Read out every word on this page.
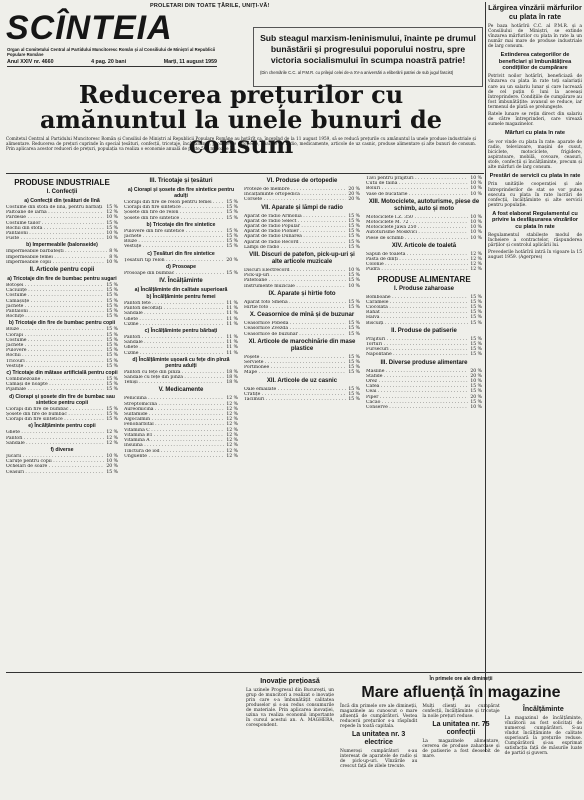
PROLETARI DIN TOATE ȚĂRILE, UNIȚI-VĂ!
SCÎNTEIA
Organ al Comitetului Central al Partidului Muncitoresc Român și al Consiliului de Miniștri al Republicii Populare Române
Anul XXIV nr. 4660	4 pag. 20 bani	Marți, 11 august 1959
Sub steagul marxism-leninismului, înainte pe drumul bunăstării și progresului poporului nostru, spre victoria socialismului în scumpa noastră patrie!
(Din chemările C.C. al P.M.R. cu prilejul celei de-a XV-a aniversări a eliberării patriei de sub jugul fascist)
Reducerea prețurilor cu amănuntul la unele bunuri de consum
Comitetul Central al Partidului Muncitoresc Român și Consiliul de Miniștri al Republicii Populare Române au hotărît ca, începînd de la 11 august 1959, să se reducă prețurile cu amănuntul la unele produse industriale și alimentare. Reducerea de prețuri cuprinde în special țesături, confecții, tricotaje, încălțăminte, produse de ortopedie, aparate de radio, medicamente, articole de uz casnic, produse alimentare și alte bunuri de consum. Prin aplicarea acestor reduceri de prețuri, populația va realiza o economie anuală de peste 500 milioane lei.
PRODUSE INDUSTRIALE
I. Confecții
a) Confecții din țesături de lînă
Costume din stofă de lînă, pentru bărbați . . . 15 %
Paltoane de iarnă . . .	12 %
Pardesie . . .	10 %
Costume tailor . . .	15 %
Rochii din stofă . . .	15 %
Pantaloni . . .	10 %
Fuste . . .	10 %
b) Impermeabile (balonseide)
Impermeabile bărbătești . . .	8 %
Impermeabile femei . . .	8 %
Impermeabile copii . . .	10 %
II. Articole pentru copii
a) Tricotaje din fire de bumbac pentru sugari
Botoșei . . .	15 %
Căciulițe . . .	15 %
Costume . . .	15 %
Cămășuțe . . .	15 %
Jachete . . .	15 %
Pantaloni . . .	15 %
Rochițe . . .	15 %
b) Tricotaje din fire de bumbac pentru copii
Bluze . . .	15 %
Ciorapi . . .	15 %
Costume . . .	15 %
Jachete . . .	15 %
Pulovere . . .	15 %
Rochii . . .	15 %
Tricouri . . .	15 %
Vestuțe . . .	15 %
c) Tricotaje din mătase artificială pentru copii
Combinezoane . . .	15 %
Cămăși de noapte . . .	15 %
Pijamale . . .	15 %
d) Ciorapi și șosete din fire de bumbac sau sintetice pentru copii
Ciorapi din fire de bumbac . . .	15 %
Șosete din fire de bumbac . . .	15 %
Ciorapi din fire sintetice . . .	15 %
e) Încălțăminte pentru copii
Ghete . . .	12 %
Pantofi . . .	12 %
Sandale . . .	12 %
f) diverse
Jucării . . .	10 %
Căruțe pentru copii . . .	10 %
Ochelari de soare . . .	20 %
Ceasuri . . .	15 %
III. Tricotaje și țesături
a) Ciorapi și șosete din fire sintetice pentru adulți
Ciorapi din fire de relon pentru femei . . .	15 %
Ciorapi din fire sintetice . . .	15 %
Șosete din fire de relon . . .	15 %
Șosete din fire sintetice . . .	15 %
b) Tricotaje din fire sintetice
Pulovere din fire sintetice . . .	15 %
Jachete . . .	15 %
Bluze . . .	15 %
Vestuțe . . .	15 %
c) Țesături din fire sintetice
Țesături tip relon . . .	20 %
d) Prosoape
Prosoape din bumbac . . .	15 %
IV. Încălțăminte
a) Încălțăminte din calitate superioară
b) Încălțăminte pentru femei
Pantofi fete . . .	11 %
Pantofi decoltați . . .	11 %
Sandale . . .	11 %
Ghete . . .	11 %
Cizme . . .	11 %
c) Încălțăminte pentru bărbați
Pantofi . . .	11 %
Sandale . . .	11 %
Ghete . . .	11 %
Cizme . . .	11 %
d) Încălțăminte ușoară cu fețe din pînză pentru adulți
Pantofi cu fețe din pînză . . .	18 %
Sandale cu fețe din pînză . . .	18 %
Teniși . . .	18 %
V. Medicamente
Penicilină . . .	12 %
Streptomicină . . .	12 %
Aureomicină . . .	12 %
Sulfamide . . .	12 %
Algocalmin . . .	12 %
Fenobarbital . . .	12 %
Vitamina C . . .	12 %
Vitamina B1 . . .	12 %
Vitamina A . . .	12 %
Insulină . . .	12 %
Tinctură de iod . . .	12 %
Unguente . . .	12 %
VI. Produse de ortopedie
Proteze de membre . . .	20 %
Încălțăminte ortopedică . . .	20 %
Corsete . . .	20 %
VII. Aparate și lămpi de radio
Aparat de radio Armonia . . .	15 %
Aparat de radio Select . . .	15 %
Aparat de radio Popular . . .	15 %
Aparat de radio Pionier . . .	15 %
Aparat de radio Dunărea . . .	15 %
Aparat de radio Record . . .	15 %
Lămpi de radio . . .	15 %
VIII. Discuri de patefon, pick-up-uri și alte articole muzicale
Discuri Electrecord . . .	10 %
Pick-up-uri . . .	15 %
Patefoane . . .	15 %
Instrumente muzicale . . .	10 %
IX. Aparate și hîrtie foto
Aparat foto Smena . . .	15 %
Hîrtie foto . . .	15 %
X. Ceasornice de mînă și de buzunar
Ceasornice Pobeda . . .	15 %
Ceasornice Zvezda . . .	15 %
Ceasornice de buzunar . . .	15 %
XI. Articole de marochinărie din mase plastice
Poșete . . .	15 %
Serviete . . .	15 %
Portmonee . . .	15 %
Mape . . .	15 %
XII. Articole de uz casnic
Oale emailate . . .	15 %
Cratițe . . .	15 %
Tacîmuri . . .	15 %
Tăvi pentru prăjituri . . .	10 %
Cutii de făină . . .	10 %
Boluri . . .	10 %
Vase de bucătărie . . .	10 %
XIII. Motociclete, autoturisme, piese de schimb, auto și moto
Motociclete I.Z. 350 . . .	10 %
Motociclete M. 72 . . .	10 %
Motociclete Jawa 250 . . .	10 %
Autoturisme Moskvici . . .	10 %
Piese de schimb . . .	10 %
XIV. Articole de toaletă
Săpun de toaletă . . .	12 %
Pastă de dinți . . .	12 %
Colonie . . .	12 %
Pudră . . .	12 %
PRODUSE ALIMENTARE
I. Produse zaharoase
Bomboane . . .	15 %
Caramele . . .	15 %
Ciocolată . . .	15 %
Rahat . . .	15 %
Halva . . .	15 %
Biscuiți . . .	15 %
II. Produse de patiserie
Prăjituri . . .	15 %
Torturi . . .	15 %
Fursecuri . . .	15 %
Napolitane . . .	15 %
III. Diverse produse alimentare
Măsline . . .	20 %
Stafide . . .	20 %
Orez . . .	10 %
Cafea . . .	15 %
Ceai . . .	15 %
Piper . . .	20 %
Cacao . . .	15 %
Conserve . . .	10 %
Lărgirea vînzării mărfurilor cu plata în rate

Pe baza hotărîrii C.C. al P.M.R. și a Consiliului de Miniștri, se extinde vînzarea mărfurilor cu plata în rate la un număr mai mare de produse industriale de larg consum.

Extinderea categoriilor de beneficiari și îmbunătățirea condițiilor de cumpărare

Potrivit noilor hotărîri, beneficiază de vînzarea cu plata în rate toți salariații care au un salariu lunar și care lucrează de cel puțin 6 luni la aceeași întreprindere. Condițiile de cumpărare au fost îmbunătățite: avansul se reduce, iar termenul de plată se prelungește.

Ratele lunare se rețin direct din salariu de către întreprinderi, care virează sumele magazinelor.

Mărfuri cu plata în rate

Se vor vinde cu plata în rate: aparate de radio, televizoare, mașini de cusut, biciclete, motociclete, frigidere, aspiratoare, mobilă, covoare, ceasuri, stofe, confecții și încălțăminte, precum și alte mărfuri de larg consum.

Prestări de servicii cu plata în rate

Prin unitățile cooperației și ale întreprinderilor de stat se vor putea executa cu plata în rate lucrări de confecții, încălțăminte și alte servicii pentru populație.

A fost elaborat Regulamentul cu privire la desfășurarea vînzărilor cu plata în rate

Regulamentul stabilește modul de încheiere a contractelor, răspunderea părților și controlul aplicării lui.

Prevederile hotărîrii intră în vigoare la 15 august 1959. (Agerpres)

Inovație prețioasă

La uzinele Progresul din București, un grup de muncitori a realizat o inovație prin care s-a îmbunătățit calitatea produselor și s-au redus consumurile de materiale. Prin aplicarea inovației, uzina va realiza economii importante în cursul acestui an. A. MAGHERA, corespondent.

În primele ore ale dimineții
Mare afluență în magazine

Încă din primele ore ale dimineții, magazinele au cunoscut o mare afluență de cumpărători. Vestea reducerii prețurilor s-a răspîndit repede în toată capitala.

La unitatea nr. 3 electrice

Numeroși cumpărători s-au interesat de aparatele de radio și de pick-up-uri. Vînzările au crescut față de zilele trecute.

Mulți clienți au cumpărat confecții, încălțăminte și tricotaje la noile prețuri reduse.

La unitatea nr. 75 confecții

La magazinele alimentare, cererea de produse zaharoase și de patiserie a fost deosebit de mare.

Încălțăminte

La magazinul de încălțăminte, vînzătorii au fost solicitați de numeroși cumpărători. S-au vîndut încălțăminte de calitate superioară la prețurile reduse. Cumpărătorii și-au exprimat satisfacția față de măsurile luate de partid și guvern.
